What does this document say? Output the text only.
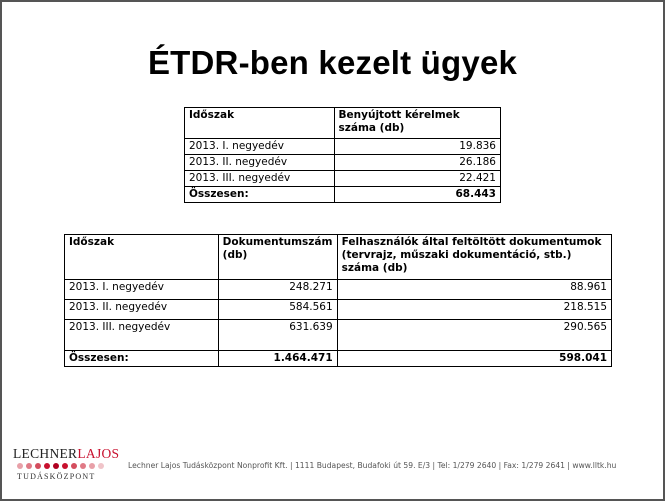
ÉTDR-ben kezelt ügyek
Időszak	Benyújtott kérelmek száma (db)
2013. I. negyedév	19.836
2013. II. negyedév	26.186
2013. III. negyedév	22.421
Összesen:	68.443
Időszak	Dokumentumszám (db)	Felhasználók által feltöltött dokumentumok (tervrajz, műszaki dokumentáció, stb.) száma (db)
2013. I. negyedév	248.271	88.961
2013. II. negyedév	584.561	218.515
2013. III. negyedév	631.639	290.565
Összesen:	1.464.471	598.041
LECHNERLAJOS
TUDÁSKÖZPONT
Lechner Lajos Tudásközpont Nonprofit Kft. | 1111 Budapest, Budafoki út 59. E/3 | Tel: 1/279 2640 | Fax: 1/279 2641 | www.lltk.hu
